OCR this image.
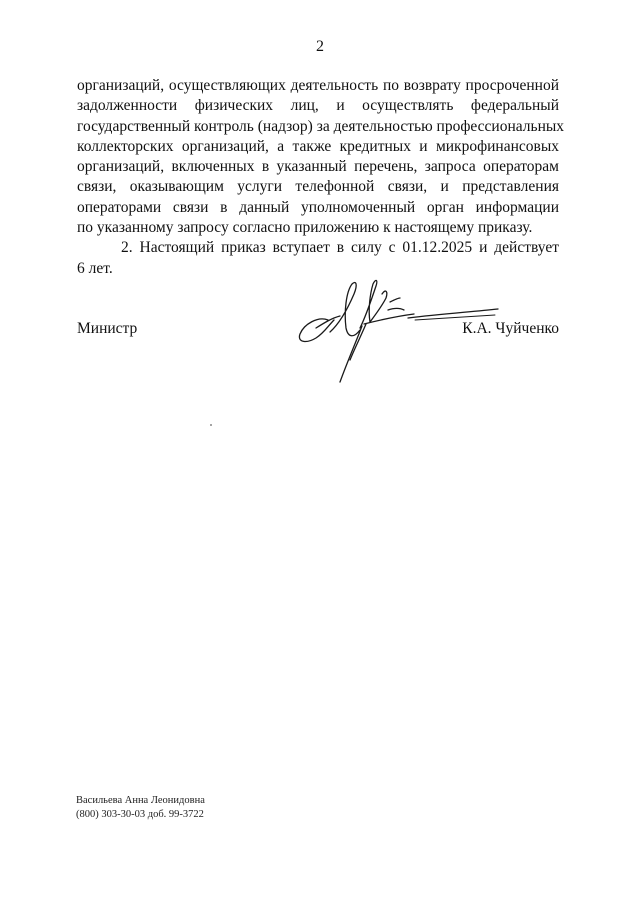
2
организаций, осуществляющих деятельность по возврату просроченной
задолженности физических лиц, и осуществлять федеральный
государственный контроль (надзор) за деятельностью профессиональных
коллекторских организаций, а также кредитных и микрофинансовых
организаций, включенных в указанный перечень, запроса операторам
связи, оказывающим услуги телефонной связи, и представления
операторами связи в данный уполномоченный орган информации
по указанному запросу согласно приложению к настоящему приказу.
2. Настоящий приказ вступает в силу с 01.12.2025 и действует
6 лет.
Министр	К.А. Чуйченко
Васильева Анна Леонидовна
(800) 303-30-03 доб. 99-3722
